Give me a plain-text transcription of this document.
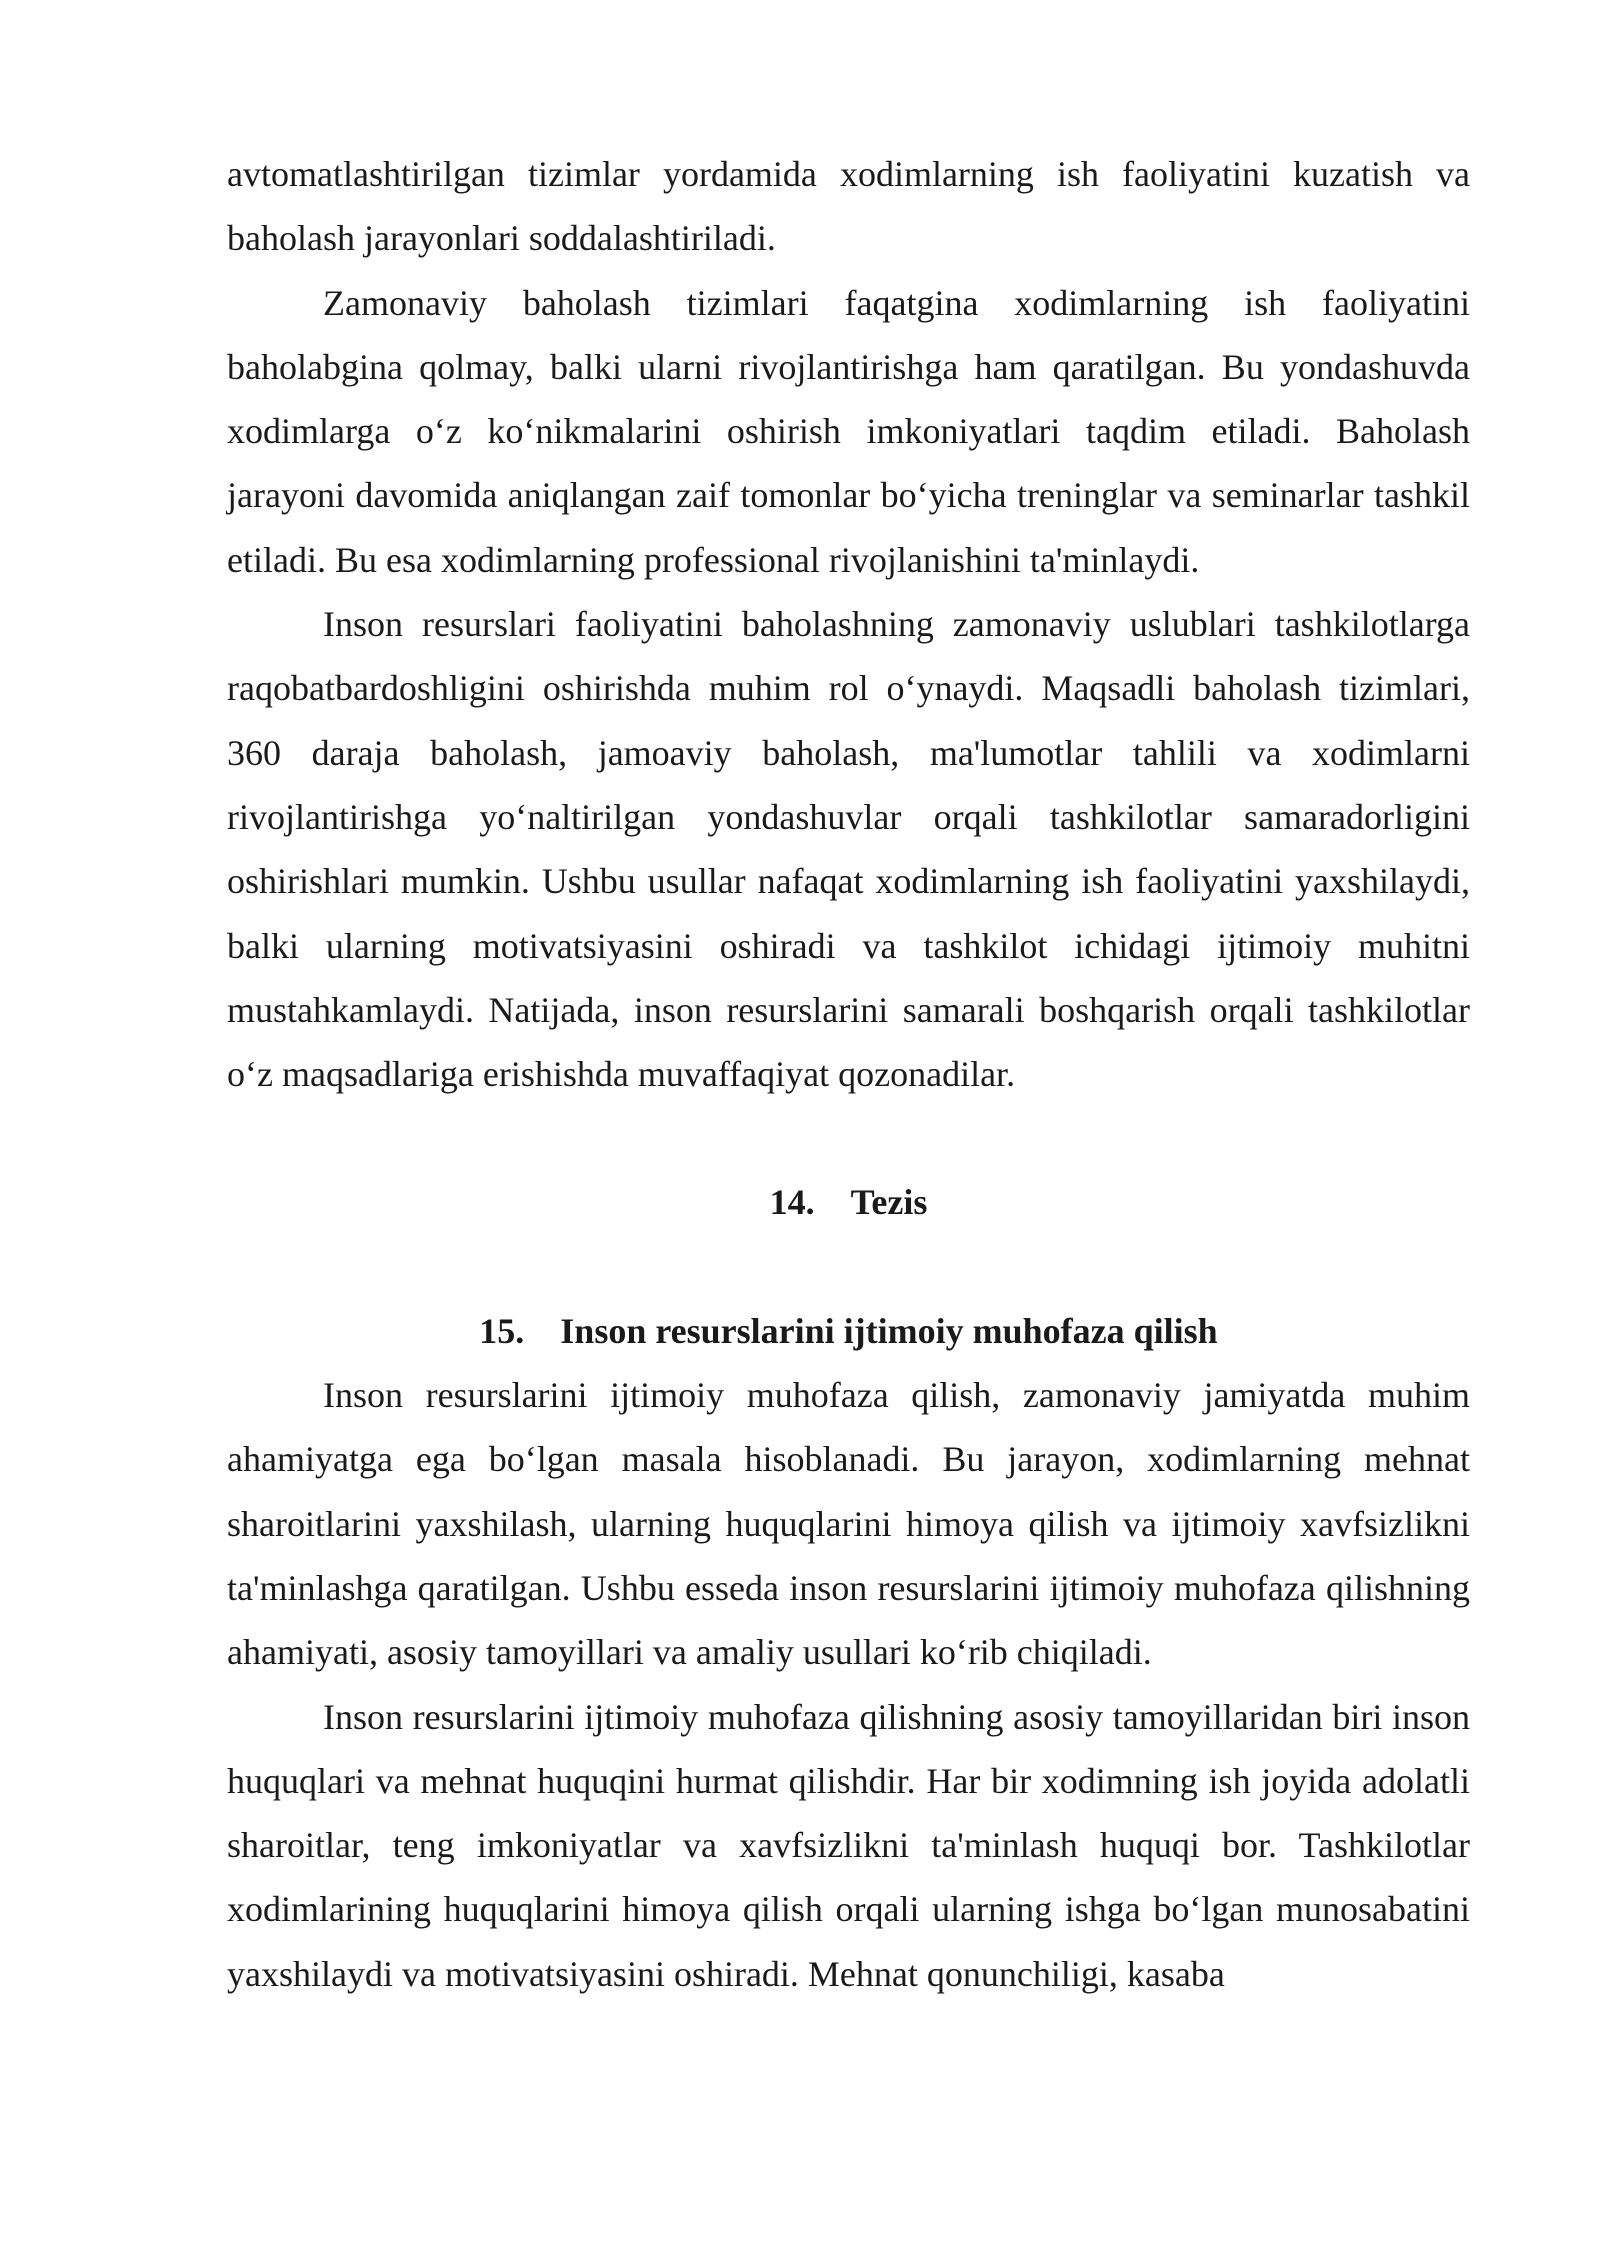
avtomatlashtirilgan tizimlar yordamida xodimlarning ish faoliyatini kuzatish va baholash jarayonlari soddalashtiriladi.

Zamonaviy baholash tizimlari faqatgina xodimlarning ish faoliyatini baholabgina qolmay, balki ularni rivojlantirishga ham qaratilgan. Bu yondashuvda xodimlarga o‘z ko‘nikmalarini oshirish imkoniyatlari taqdim etiladi. Baholash jarayoni davomida aniqlangan zaif tomonlar bo‘yicha treninglar va seminarlar tashkil etiladi. Bu esa xodimlarning professional rivojlanishini ta'minlaydi.

Inson resurslari faoliyatini baholashning zamonaviy uslublari tashkilotlarga raqobatbardoshligini oshirishda muhim rol o‘ynaydi. Maqsadli baholash tizimlari, 360 daraja baholash, jamoaviy baholash, ma'lumotlar tahlili va xodimlarni rivojlantirishga yo‘naltirilgan yondashuvlar orqali tashkilotlar samaradorligini oshirishlari mumkin. Ushbu usullar nafaqat xodimlarning ish faoliyatini yaxshilaydi, balki ularning motivatsiyasini oshiradi va tashkilot ichidagi ijtimoiy muhitni mustahkamlaydi. Natijada, inson resurslarini samarali boshqarish orqali tashkilotlar o‘z maqsadlariga erishishda muvaffaqiyat qozonadilar.

14. Tezis

15. Inson resurslarini ijtimoiy muhofaza qilish

Inson resurslarini ijtimoiy muhofaza qilish, zamonaviy jamiyatda muhim ahamiyatga ega bo‘lgan masala hisoblanadi. Bu jarayon, xodimlarning mehnat sharoitlarini yaxshilash, ularning huquqlarini himoya qilish va ijtimoiy xavfsizlikni ta'minlashga qaratilgan. Ushbu esseda inson resurslarini ijtimoiy muhofaza qilishning ahamiyati, asosiy tamoyillari va amaliy usullari ko‘rib chiqiladi.

Inson resurslarini ijtimoiy muhofaza qilishning asosiy tamoyillaridan biri inson huquqlari va mehnat huquqini hurmat qilishdir. Har bir xodimning ish joyida adolatli sharoitlar, teng imkoniyatlar va xavfsizlikni ta'minlash huquqi bor. Tashkilotlar xodimlarining huquqlarini himoya qilish orqali ularning ishga bo‘lgan munosabatini yaxshilaydi va motivatsiyasini oshiradi. Mehnat qonunchiligi, kasaba
